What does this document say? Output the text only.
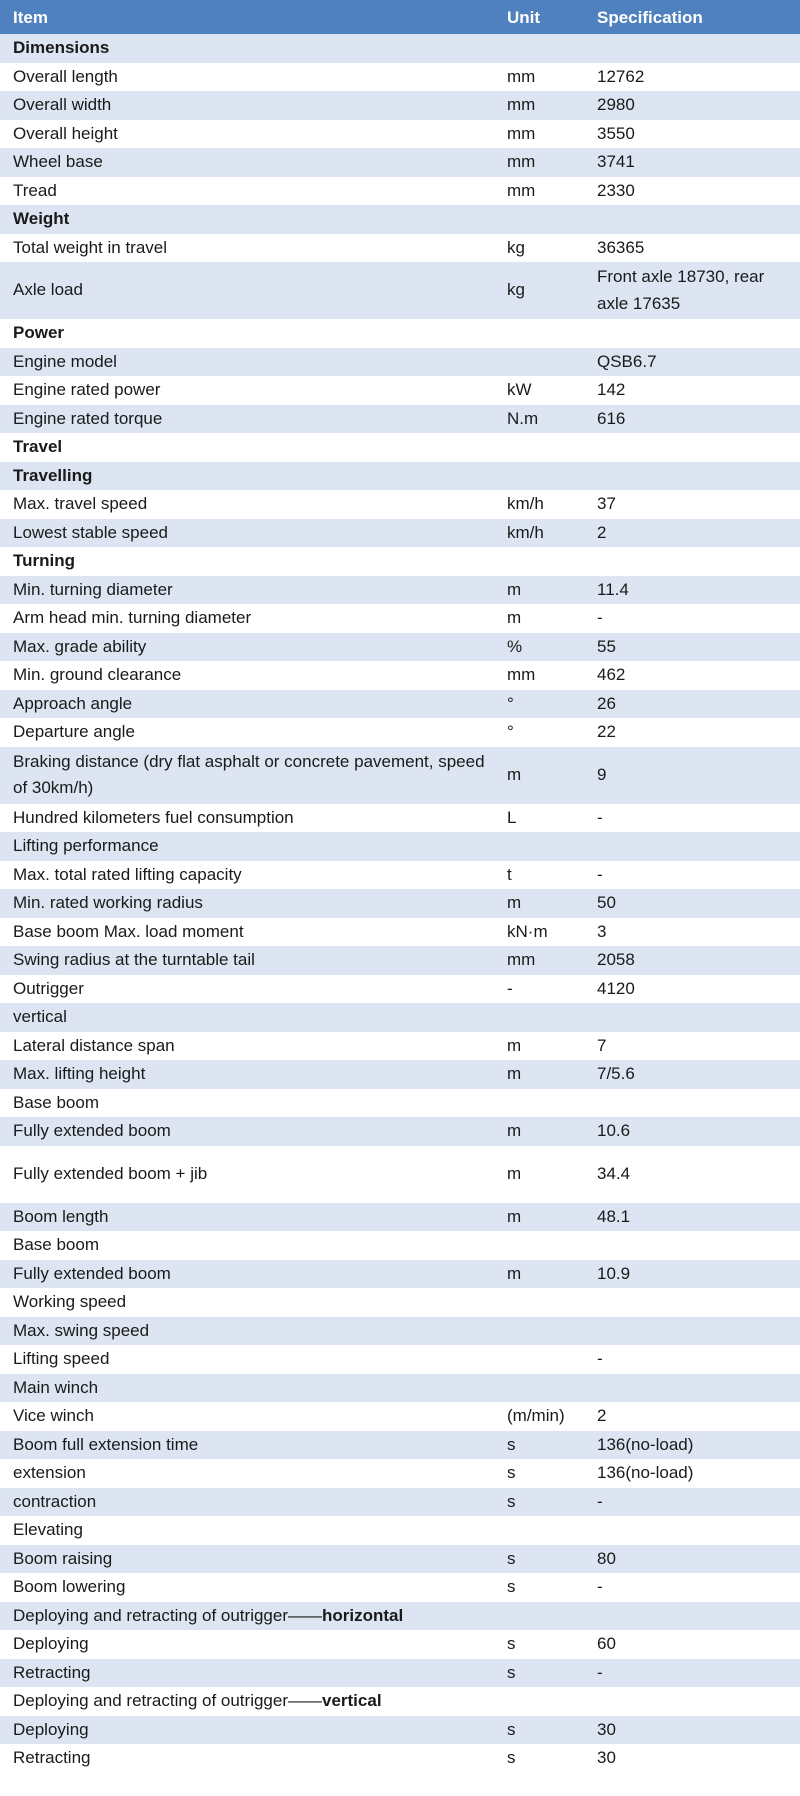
Item	Unit	Specification
Dimensions		
Overall length	mm	12762
Overall width	mm	2980
Overall height	mm	3550
Wheel base	mm	3741
Tread	mm	2330
Weight		
Total weight in travel	kg	36365
Axle load	kg	Front axle 18730, rear axle 17635
Power		
Engine model		QSB6.7
Engine rated power	kW	142
Engine rated torque	N.m	616
Travel		
Travelling		
Max. travel speed	km/h	37
Lowest stable speed	km/h	2
Turning		
Min. turning diameter	m	11.4
Arm head min. turning diameter	m	-
Max. grade ability	%	55
Min. ground clearance	mm	462
Approach angle	°	26
Departure angle	°	22
Braking distance (dry flat asphalt or concrete pavement, speed of 30km/h)	m	9
Hundred kilometers fuel consumption	L	-
Lifting performance		
Max. total rated lifting capacity	t	-
Min. rated working radius	m	50
Base boom Max. load moment	kN·m	3
Swing radius at the turntable tail	mm	2058
Outrigger	-	4120
vertical		
Lateral distance span	m	7
Max. lifting height	m	7/5.6
Base boom		
Fully extended boom	m	10.6
Fully extended boom + jib	m	34.4
Boom length	m	48.1
Base boom		
Fully extended boom	m	10.9
Working speed		
Max. swing speed		
Lifting speed		-
Main winch		
Vice winch	(m/min)	2
Boom full extension time	s	136(no-load)
extension	s	136(no-load)
contraction	s	-
Elevating		
Boom raising	s	80
Boom lowering	s	-
Deploying and retracting of outrigger——horizontal		
Deploying	s	60
Retracting	s	-
Deploying and retracting of outrigger——vertical		
Deploying	s	30
Retracting	s	30
